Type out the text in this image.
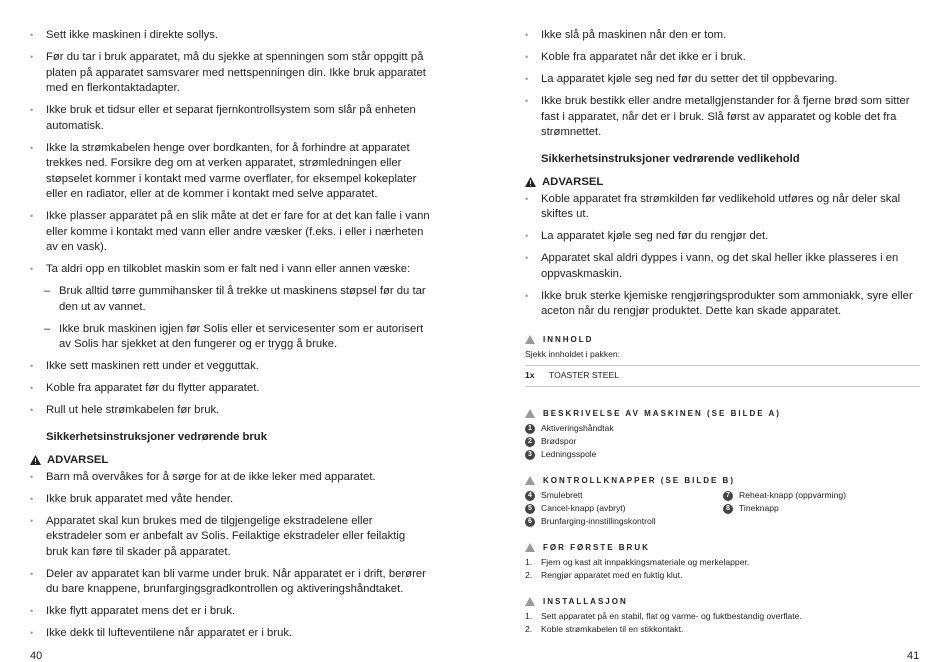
• Sett ikke maskinen i direkte sollys.
• Før du tar i bruk apparatet, må du sjekke at spenningen som står oppgitt på platen på apparatet samsvarer med nettspenningen din. Ikke bruk apparatet med en flerkontaktadapter.
• Ikke bruk et tidsur eller et separat fjernkontrollsystem som slår på enheten automatisk.
• Ikke la strømkabelen henge over bordkanten, for å forhindre at apparatet trekkes ned. Forsikre deg om at verken apparatet, strømledningen eller støpselet kommer i kontakt med varme overflater, for eksempel kokeplater eller en radiator, eller at de kommer i kontakt med selve apparatet.
• Ikke plasser apparatet på en slik måte at det er fare for at det kan falle i vann eller komme i kontakt med vann eller andre væsker (f.eks. i eller i nærheten av en vask).
• Ta aldri opp en tilkoblet maskin som er falt ned i vann eller annen væske:
– Bruk alltid tørre gummihansker til å trekke ut maskinens støpsel før du tar den ut av vannet.
– Ikke bruk maskinen igjen før Solis eller et servicesenter som er autorisert av Solis har sjekket at den fungerer og er trygg å bruke.
• Ikke sett maskinen rett under et vegguttak.
• Koble fra apparatet før du flytter apparatet.
• Rull ut hele strømkabelen før bruk.
Sikkerhetsinstruksjoner vedrørende bruk
ADVARSEL
• Barn må overvåkes for å sørge for at de ikke leker med apparatet.
• Ikke bruk apparatet med våte hender.
• Apparatet skal kun brukes med de tilgjengelige ekstradelene eller ekstradeler som er anbefalt av Solis. Feilaktige ekstradeler eller feilaktig bruk kan føre til skader på apparatet.
• Deler av apparatet kan bli varme under bruk. Når apparatet er i drift, berører du bare knappene, brunfargingsgradkontrollen og aktiveringshåndtaket.
• Ikke flytt apparatet mens det er i bruk.
• Ikke dekk til lufteventilene når apparatet er i bruk.
• Ikke slå på maskinen når den er tom.
• Koble fra apparatet når det ikke er i bruk.
• La apparatet kjøle seg ned før du setter det til oppbevaring.
• Ikke bruk bestikk eller andre metallgjenstander for å fjerne brød som sitter fast i apparatet, når det er i bruk. Slå først av apparatet og koble det fra strømnettet.
Sikkerhetsinstruksjoner vedrørende vedlikehold
ADVARSEL
• Koble apparatet fra strømkilden før vedlikehold utføres og når deler skal skiftes ut.
• La apparatet kjøle seg ned før du rengjør det.
• Apparatet skal aldri dyppes i vann, og det skal heller ikke plasseres i en oppvaskmaskin.
• Ikke bruk sterke kjemiske rengjøringsprodukter som ammoniakk, syre eller aceton når du rengjør produktet. Dette kan skade apparatet.
INNHOLD
Sjekk innholdet i pakken:
1x	TOASTER STEEL
BESKRIVELSE AV MASKINEN (SE BILDE A)
1	Aktiveringshåndtak
2	Brødspor
3	Ledningsspole
KONTROLLKNAPPER (SE BILDE B)
4	Smulebrett
5	Cancel-knapp (avbryt)
6	Brunfarging-innstillingskontroll
7	Reheat-knapp (oppvarming)
8	Tineknapp
FØR FØRSTE BRUK
1.	Fjern og kast alt innpakkingsmateriale og merkelapper.
2.	Rengjør apparatet med en fuktig klut.
INSTALLASJON
1.	Sett apparatet på en stabil, flat og varme- og fuktbestandig overflate.
2.	Koble strømkabelen til en stikkontakt.
40	41
